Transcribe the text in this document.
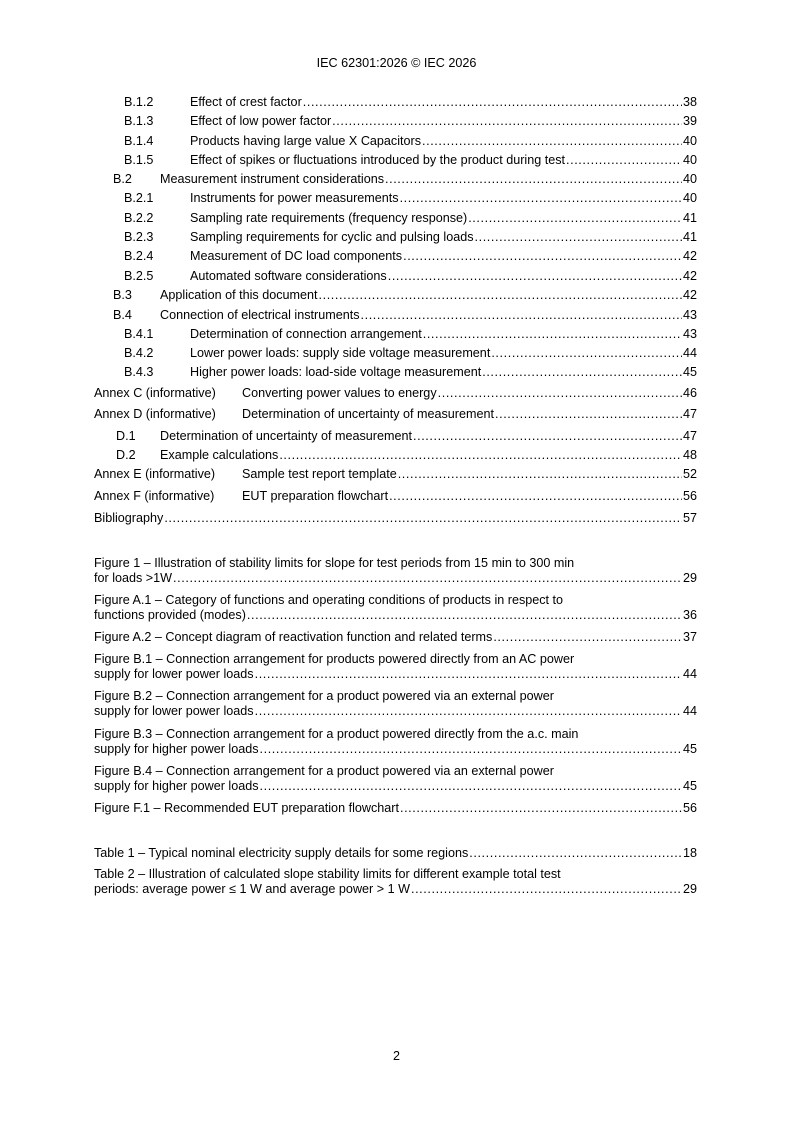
IEC 62301:2026 © IEC 2026
B.1.2	Effect of crest factor .....	38
B.1.3	Effect of low power factor .....	39
B.1.4	Products having large value X Capacitors .....	40
B.1.5	Effect of spikes or fluctuations introduced by the product during test .....	40
B.2	Measurement instrument considerations .....	40
B.2.1	Instruments for power measurements .....	40
B.2.2	Sampling rate requirements (frequency response) .....	41
B.2.3	Sampling requirements for cyclic and pulsing loads .....	41
B.2.4	Measurement of DC load components .....	42
B.2.5	Automated software considerations .....	42
B.3	Application of this document .....	42
B.4	Connection of electrical instruments .....	43
B.4.1	Determination of connection arrangement .....	43
B.4.2	Lower power loads: supply side voltage measurement .....	44
B.4.3	Higher power loads: load-side voltage measurement .....	45
Annex C (informative)	Converting power values to energy .....	46
Annex D (informative)	Determination of uncertainty of measurement .....	47
D.1	Determination of uncertainty of measurement .....	47
D.2	Example calculations .....	48
Annex E (informative)	Sample test report template .....	52
Annex F (informative)	EUT preparation flowchart .....	56
Bibliography .....	57
Figure 1 – Illustration of stability limits for slope for test periods from 15 min to 300 min
for loads >1W .....	29
Figure A.1 – Category of functions and operating conditions of products in respect to
functions provided (modes) .....	36
Figure A.2 – Concept diagram of reactivation function and related terms .....	37
Figure B.1 – Connection arrangement for products powered directly from an AC power
supply for lower power loads .....	44
Figure B.2 – Connection arrangement for a product powered via an external power
supply for lower power loads .....	44
Figure B.3 – Connection arrangement for a product powered directly from the a.c. main
supply for higher power loads .....	45
Figure B.4 – Connection arrangement for a product powered via an external power
supply for higher power loads .....	45
Figure F.1 – Recommended EUT preparation flowchart .....	56
Table 1 – Typical nominal electricity supply details for some regions .....	18
Table 2 – Illustration of calculated slope stability limits for different example total test
periods: average power ≤ 1 W and average power > 1 W .....	29
2
